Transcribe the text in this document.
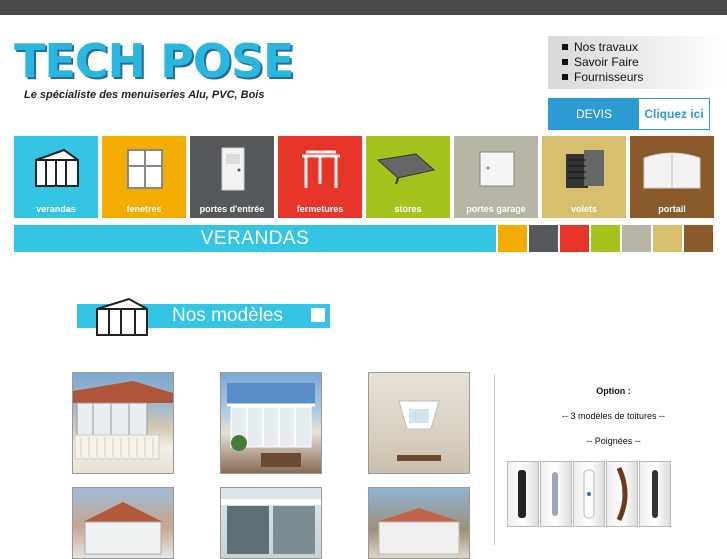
TECH POSE
Le spécialiste des menuiseries Alu, PVC, Bois
Nos travaux
Savoir Faire
Fournisseurs
DEVIS	Cliquez ici
verandas	fenetres	portes d'entrée	fermetures	stores	portes garage	volets	portail
VERANDAS
Nos modèles
Option :
-- 3 modèles de toitures --
-- Poignées --
